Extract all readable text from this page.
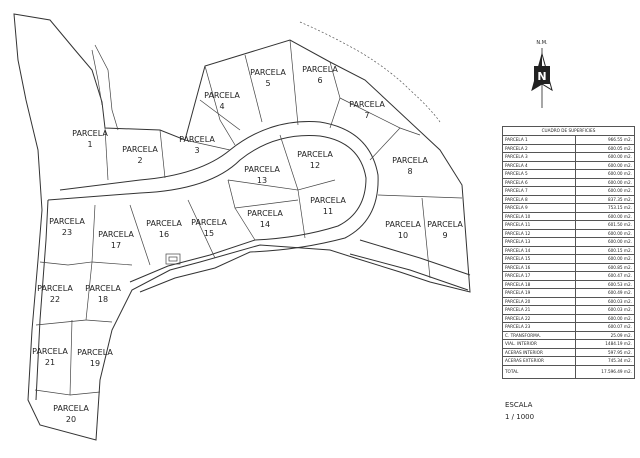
PARCELA
1
PARCELA
2
PARCELA
3
PARCELA
4
PARCELA
5
PARCELA
6
PARCELA
7
PARCELA
8
PARCELA
9
PARCELA
10
PARCELA
11
PARCELA
12
PARCELA
13
PARCELA
14
PARCELA
15
PARCELA
16
PARCELA
17
PARCELA
18
PARCELA
19
PARCELA
20
PARCELA
21
PARCELA
22
PARCELA
23
N.M.
N
CUADRO DE SUPERFICIES	
PARCELA 1	966.55 m2.
PARCELA 2	600.05 m2.
PARCELA 3	600.00 m2.
PARCELA 4	600.00 m2.
PARCELA 5	600.00 m2.
PARCELA 6	600.00 m2.
PARCELA 7	600.00 m2.
PARCELA 8	837.35 m2.
PARCELA 9	753.15 m2.
PARCELA 10	600.00 m2.
PARCELA 11	601.50 m2.
PARCELA 12	600.00 m2.
PARCELA 13	600.00 m2.
PARCELA 14	600.15 m2.
PARCELA 15	600.00 m2.
PARCELA 16	600.85 m2.
PARCELA 17	600.47 m2.
PARCELA 18	600.53 m2.
PARCELA 19	600.49 m2.
PARCELA 20	600.03 m2.
PARCELA 21	600.03 m2.
PARCELA 22	600.00 m2.
PARCELA 23	600.07 m2.
C. TRANSFORMA.	25.09 m2.
VIAL. INTERIOR	1484.19 m2.
ACERAS INTERIOR	597.95 m2.
ACERAS EXTERIOR	745.34 m2.
TOTAL	17.596.49 m2.
ESCALA
1 / 1000
